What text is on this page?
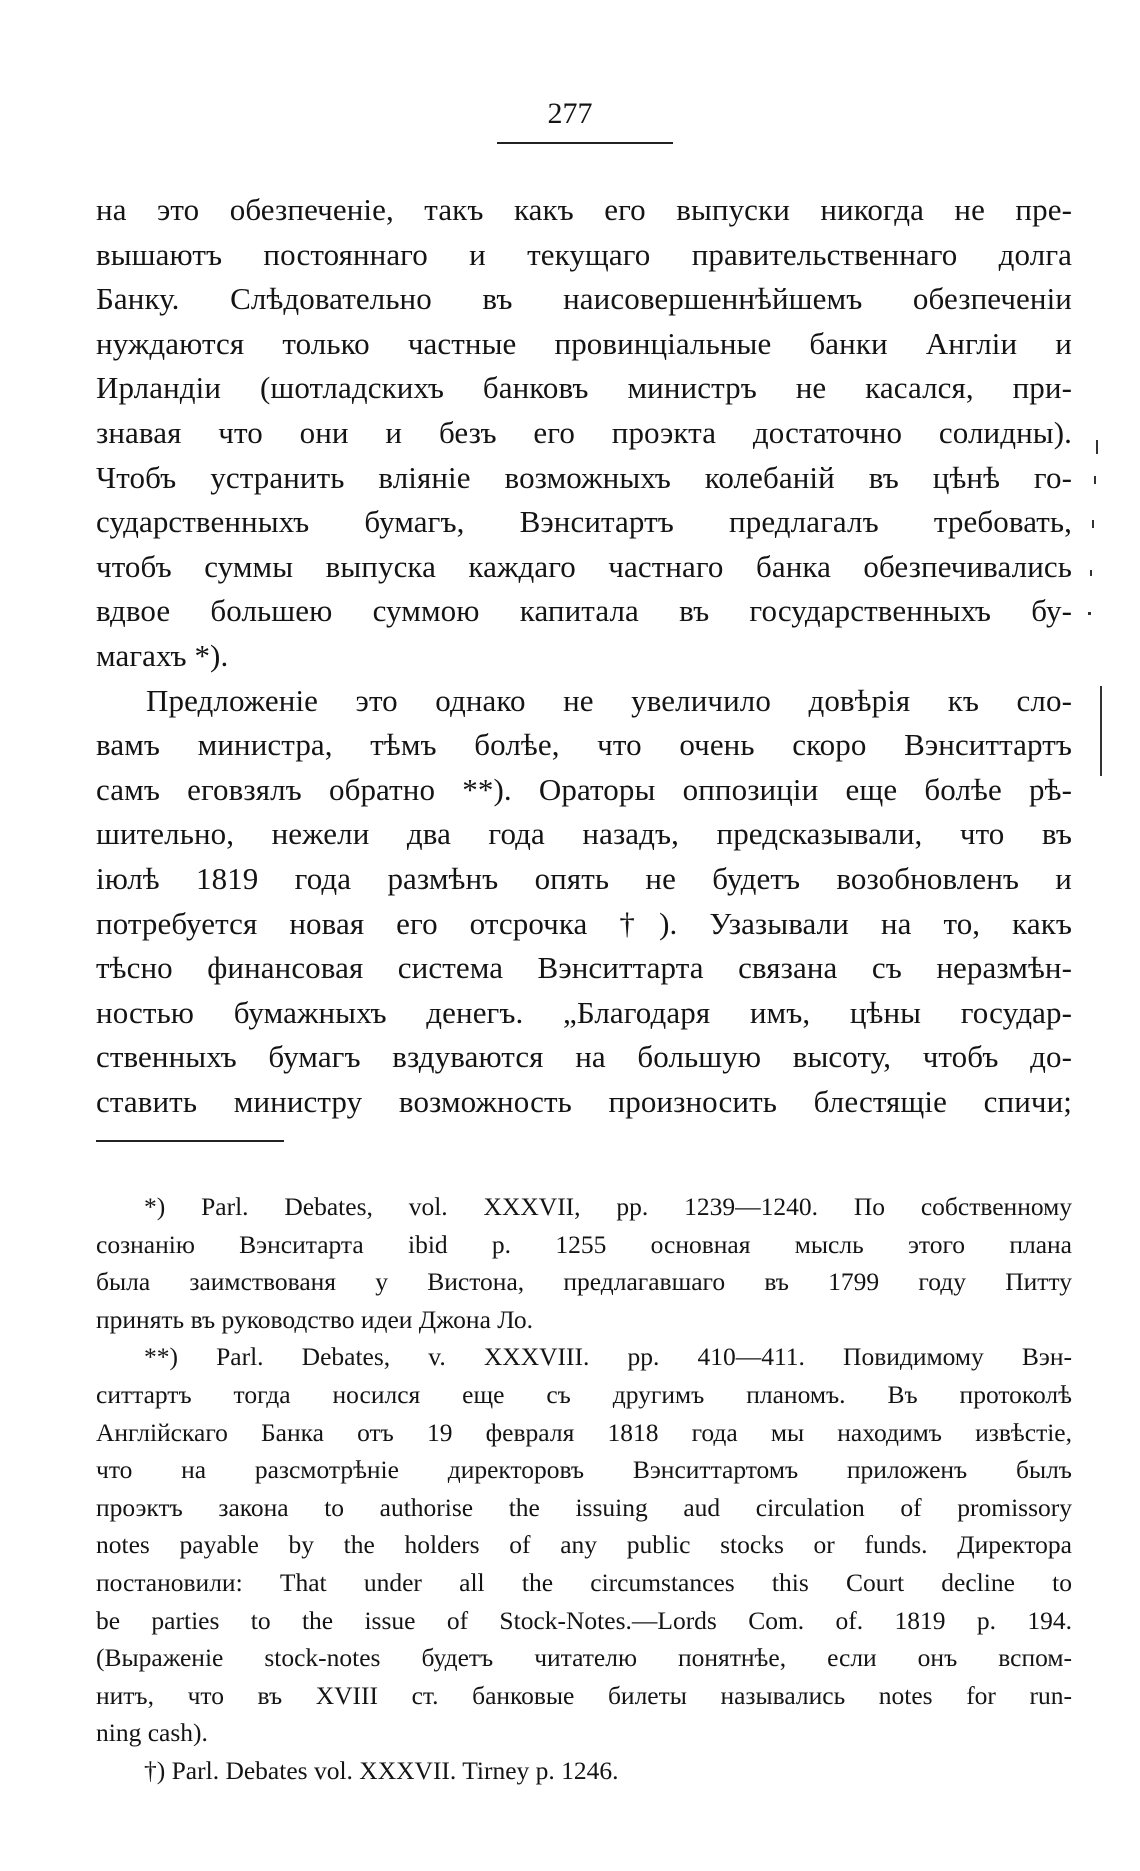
277
на это обезпеченіе, такъ какъ его выпуски никогда не пре-
вышаютъ постояннаго и текущаго правительственнаго долга
Банку. Слѣдовательно въ наисовершеннѣйшемъ обезпеченіи
нуждаются только частные провинціальные банки Англіи и
Ирландіи (шотладскихъ банковъ министръ не касался, при-
знавая что они и безъ его проэкта достаточно солидны).
Чтобъ устранить вліяніе возможныхъ колебаній въ цѣнѣ го-
сударственныхъ бумагъ, Вэнситартъ предлагалъ требовать,
чтобъ суммы выпуска каждаго частнаго банка обезпечивались
вдвое большею суммою капитала въ государственныхъ бу-
магахъ *).
Предложеніе это однако не увеличило довѣрія къ сло-
вамъ министра, тѣмъ болѣе, что очень скоро Вэнситтартъ
самъ еговзялъ обратно **). Ораторы оппозиціи еще болѣе рѣ-
шительно, нежели два года назадъ, предсказывали, что въ
іюлѣ 1819 года размѣнъ опять не будетъ возобновленъ и
потребуется новая его отсрочка †). Узазывали на то, какъ
тѣсно финансовая система Вэнситтарта связана съ неразмѣн-
ностью бумажныхъ денегъ. „Благодаря имъ, цѣны государ-
ственныхъ бумагъ вздуваются на большую высоту, чтобъ до-
ставить министру возможность произносить блестящіе спичи;
*) Parl. Debates, vol. XXXVII, pp. 1239—1240. По собственному
сознанію Вэнситарта ibid p. 1255 основная мысль этого плана
была заимствованя у Вистона, предлагавшаго въ 1799 году Питту
принять въ руководство идеи Джона Ло.
**) Parl. Debates, v. XXXVIII. pp. 410—411. Повидимому Вэн-
ситтартъ тогда носился еще съ другимъ планомъ. Въ протоколѣ
Англійскаго Банка отъ 19 февраля 1818 года мы находимъ извѣстіе,
что на разсмотрѣніе директоровъ Вэнситтартомъ приложенъ былъ
проэктъ закона to authorise the issuing aud circulation of promissory
notes payable by the holders of any public stocks or funds. Директора
постановили: That under all the circumstances this Court decline to
be parties to the issue of Stock-Notes.—Lords Com. of. 1819 p. 194.
(Выраженіе stock-notes будетъ читателю понятнѣе, если онъ вспом-
нитъ, что въ XVIII ст. банковые билеты назывались notes for run-
ning cash).
†) Parl. Debates vol. XXXVII. Tirney p. 1246.
